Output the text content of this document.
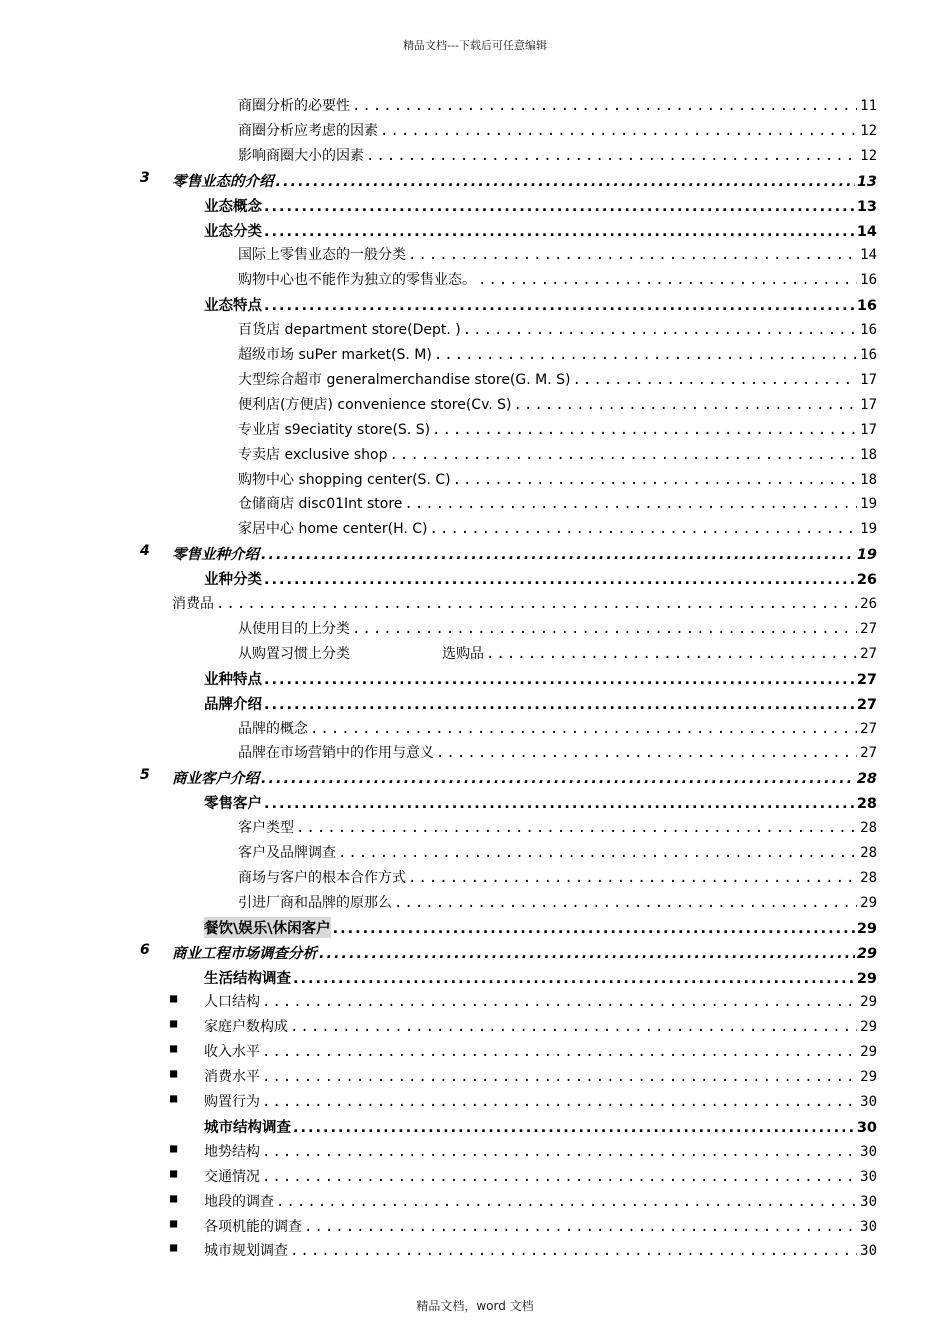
精品文档---下载后可任意编辑
商圈分析的必要性 .....	11
商圈分析应考虑的因素 .....	12
影响商圈大小的因素 .....	12
3	零售业态的介绍 .....	13
业态概念 .....	13
业态分类 .....	14
国际上零售业态的一般分类 .....	14
购物中心也不能作为独立的零售业态。 .....	16
业态特点 .....	16
百货店 department store(Dept. ) .....	16
超级市场 suPer market(S. M) .....	16
大型综合超市 generalmerchandise store(G. M. S) .....	17
便利店(方便店) convenience store(Cv. S) .....	17
专业店 s9eciatity store(S. S) .....	17
专卖店 exclusive shop .....	18
购物中心 shopping center(S. C) .....	18
仓储商店 disc01Int store .....	19
家居中心 home center(H. C) .....	19
4	零售业种介绍 .....	19
业种分类 .....	26
消费品 .....	26
从使用目的上分类 .....	27
从购置习惯上分类	选购品 .....	27
业种特点 .....	27
品牌介绍 .....	27
品牌的概念 .....	27
品牌在市场营销中的作用与意义 .....	27
5	商业客户介绍 .....	28
零售客户 .....	28
客户类型 .....	28
客户及品牌调查 .....	28
商场与客户的根本合作方式 .....	28
引进厂商和品牌的原那么 .....	29
餐饮\娱乐\休闲客户 .....	29
6	商业工程市场调查分析 .....	29
生活结构调查 .....	29
■ 人口结构 .....	29
■ 家庭户数构成 .....	29
■ 收入水平 .....	29
■ 消费水平 .....	29
■ 购置行为 .....	30
城市结构调查 .....	30
■ 地势结构 .....	30
■ 交通情况 .....	30
■ 地段的调查 .....	30
■ 各项机能的调查 .....	30
■ 城市规划调查 .....	30
精品文档，word 文档
